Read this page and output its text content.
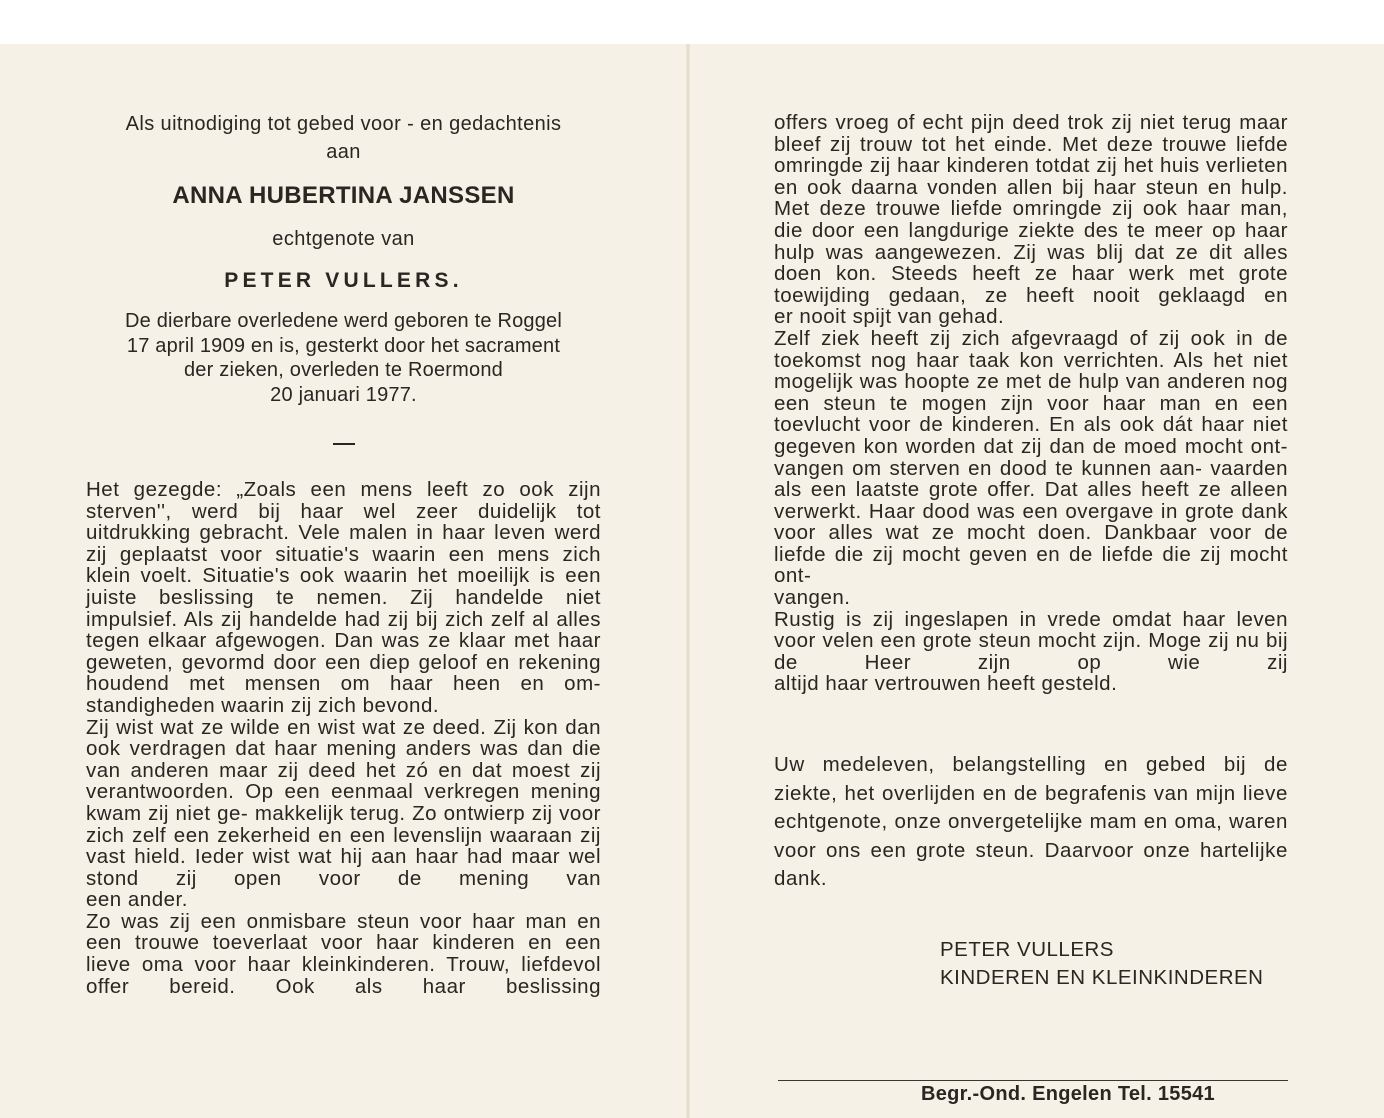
Als uitnodiging tot gebed voor - en gedachtenis
aan
ANNA HUBERTINA JANSSEN
echtgenote van
PETER VULLERS.
De dierbare overledene werd geboren te Roggel
17 april 1909 en is, gesterkt door het sacrament
der zieken, overleden te Roermond
20 januari 1977.

Het gezegde: „Zoals een mens leeft zo ook zijn sterven'', werd bij haar wel zeer duidelijk tot uitdrukking gebracht. Vele malen in haar leven werd zij geplaatst voor situatie's waarin een mens zich klein voelt. Situatie's ook waarin het moeilijk is een juiste beslissing te nemen. Zij handelde niet impulsief. Als zij handelde had zij bij zich zelf al alles tegen elkaar afgewogen. Dan was ze klaar met haar geweten, gevormd door een diep geloof en rekening houdend met mensen om haar heen en om-

standigheden waarin zij zich bevond.

Zij wist wat ze wilde en wist wat ze deed. Zij kon dan ook verdragen dat haar mening anders was dan die van anderen maar zij deed het zó en dat moest zij verantwoorden. Op een eenmaal verkregen mening kwam zij niet ge- makkelijk terug. Zo ontwierp zij voor zich zelf een zekerheid en een levenslijn waaraan zij vast hield. Ieder wist wat hij aan haar had maar wel stond zij open voor de mening van

een ander.

Zo was zij een onmisbare steun voor haar man en een trouwe toeverlaat voor haar kinderen en een lieve oma voor haar kleinkinderen. Trouw, liefdevol offer bereid. Ook als haar beslissing

offers vroeg of echt pijn deed trok zij niet terug maar bleef zij trouw tot het einde. Met deze trouwe liefde omringde zij haar kinderen totdat zij het huis verlieten en ook daarna vonden allen bij haar steun en hulp. Met deze trouwe liefde omringde zij ook haar man, die door een langdurige ziekte des te meer op haar hulp was aangewezen. Zij was blij dat ze dit alles doen kon. Steeds heeft ze haar werk met grote toewijding gedaan, ze heeft nooit geklaagd en

er nooit spijt van gehad.

Zelf ziek heeft zij zich afgevraagd of zij ook in de toekomst nog haar taak kon verrichten. Als het niet mogelijk was hoopte ze met de hulp van anderen nog een steun te mogen zijn voor haar man en een toevlucht voor de kinderen. En als ook dát haar niet gegeven kon worden dat zij dan de moed mocht ont- vangen om sterven en dood te kunnen aan- vaarden als een laatste grote offer. Dat alles heeft ze alleen verwerkt. Haar dood was een overgave in grote dank voor alles wat ze mocht doen. Dankbaar voor de liefde die zij mocht geven en de liefde die zij mocht ont-

vangen.

Rustig is zij ingeslapen in vrede omdat haar leven voor velen een grote steun mocht zijn. Moge zij nu bij de Heer zijn op wie zij

altijd haar vertrouwen heeft gesteld.

Uw medeleven, belangstelling en gebed bij de ziekte, het overlijden en de begrafenis van mijn lieve echtgenote, onze onvergetelijke mam en oma, waren voor ons een grote steun. Daarvoor onze hartelijke dank.
PETER VULLERS
KINDEREN EN KLEINKINDEREN
Begr.-Ond. Engelen Tel. 15541
